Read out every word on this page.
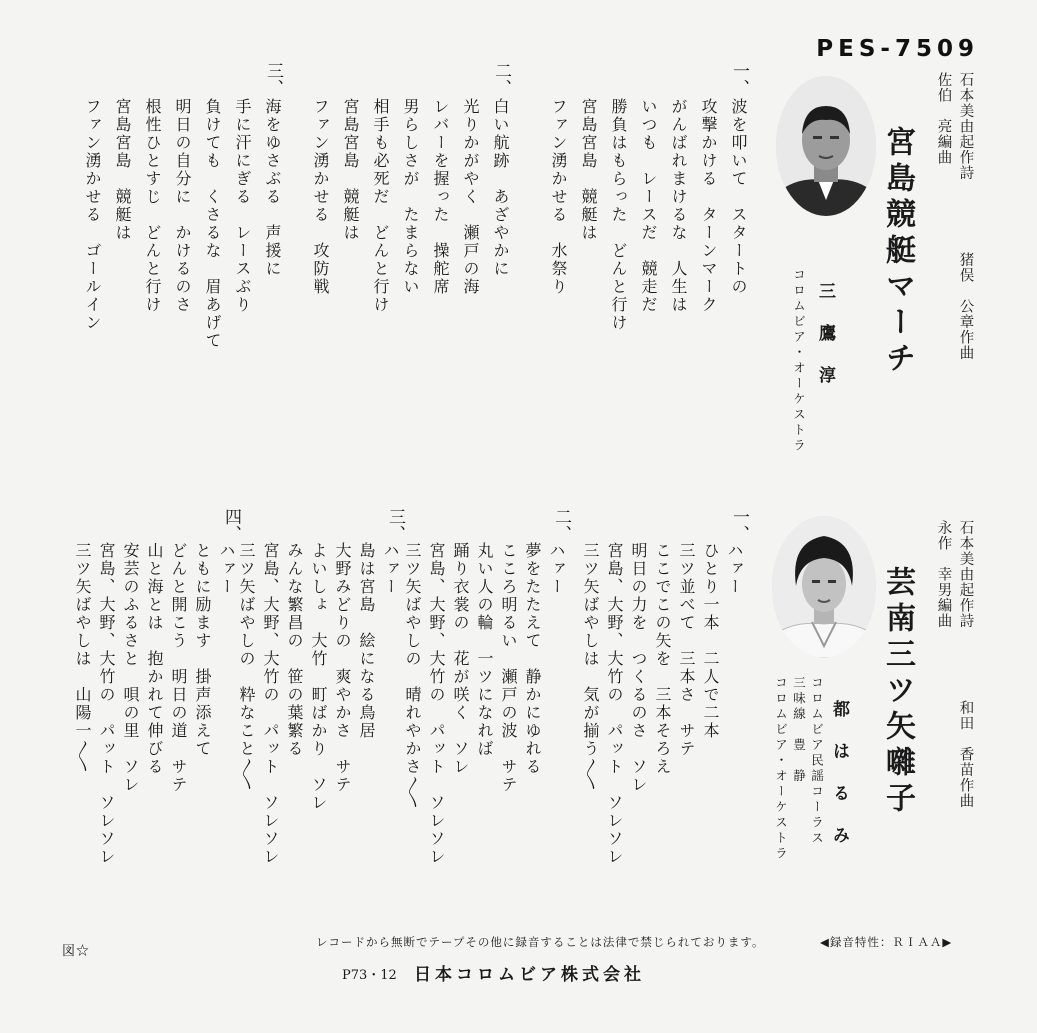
PES-7509
石本美由起作詩
佐伯　亮編曲
猪俣　公章作曲
宮島競艇マーチ
三　鷹　淳
コロムビア・オーケストラ
一、
波を叩いて　スタートの
攻撃かける　ターンマーク
がんばれまけるな　人生は
いつも　レースだ　競走だ
勝負はもらった　どんと行け
宮島宮島　競艇は
ファン湧かせる　水祭り
二、
白い航跡　あざやかに
光りかがやく　瀬戸の海
レバーを握った　操舵席
男らしさが　たまらない
相手も必死だ　どんと行け
宮島宮島　競艇は
ファン湧かせる　攻防戦
三、
海をゆさぶる　声援に
手に汗にぎる　レースぶり
負けても　くさるな　眉あげて
明日の自分に　かけるのさ
根性ひとすじ　どんと行け
宮島宮島　競艇は
ファン湧かせる　ゴールイン
石本美由起作詩
永作　幸男編曲
和田　香苗作曲
芸南三ツ矢囃子
都　は　る　み
コロムビア民謡コーラス
三味線　豊　静
コロムビア・オーケストラ
一、
ハァー
ひとり一本　二人で二本
三ツ並べて　三本さ　サテ
ここでこの矢を　三本そろえ
明日の力を　つくるのさ　ソレ
宮島、大野、大竹の　パット　ソレソレ
三ツ矢ばやしは　気が揃う〳〵
二、
ハァー
夢をたたえて　静かにゆれる
こころ明るい　瀬戸の波　サテ
丸い人の輪　一ツになれば
踊り衣裳の　花が咲く　ソレ
宮島、大野、大竹の　パット　ソレソレ
三ツ矢ばやしの　晴れやかさ〳〵
三、
ハァー
島は宮島　絵になる鳥居
大野みどりの　爽やかさ　サテ
よいしょ　大竹　町ばかり　ソレ
みんな繁昌の　笹の葉繁る
宮島、大野、大竹の　パット　ソレソレ
三ツ矢ばやしの　粋なこと〳〵
四、
ハァー
ともに励ます　掛声添えて
どんと開こう　明日の道　サテ
山と海とは　抱かれて伸びる
安芸のふるさと　唄の里　ソレ
宮島、大野、大竹の　パット　ソレソレ
三ツ矢ばやしは　山陽一〳〵
図☆
レコードから無断でテープその他に録音することは法律で禁じられております。	◀録音特性：ＲＩＡＡ▶
P73・12 日本コロムビア株式会社
